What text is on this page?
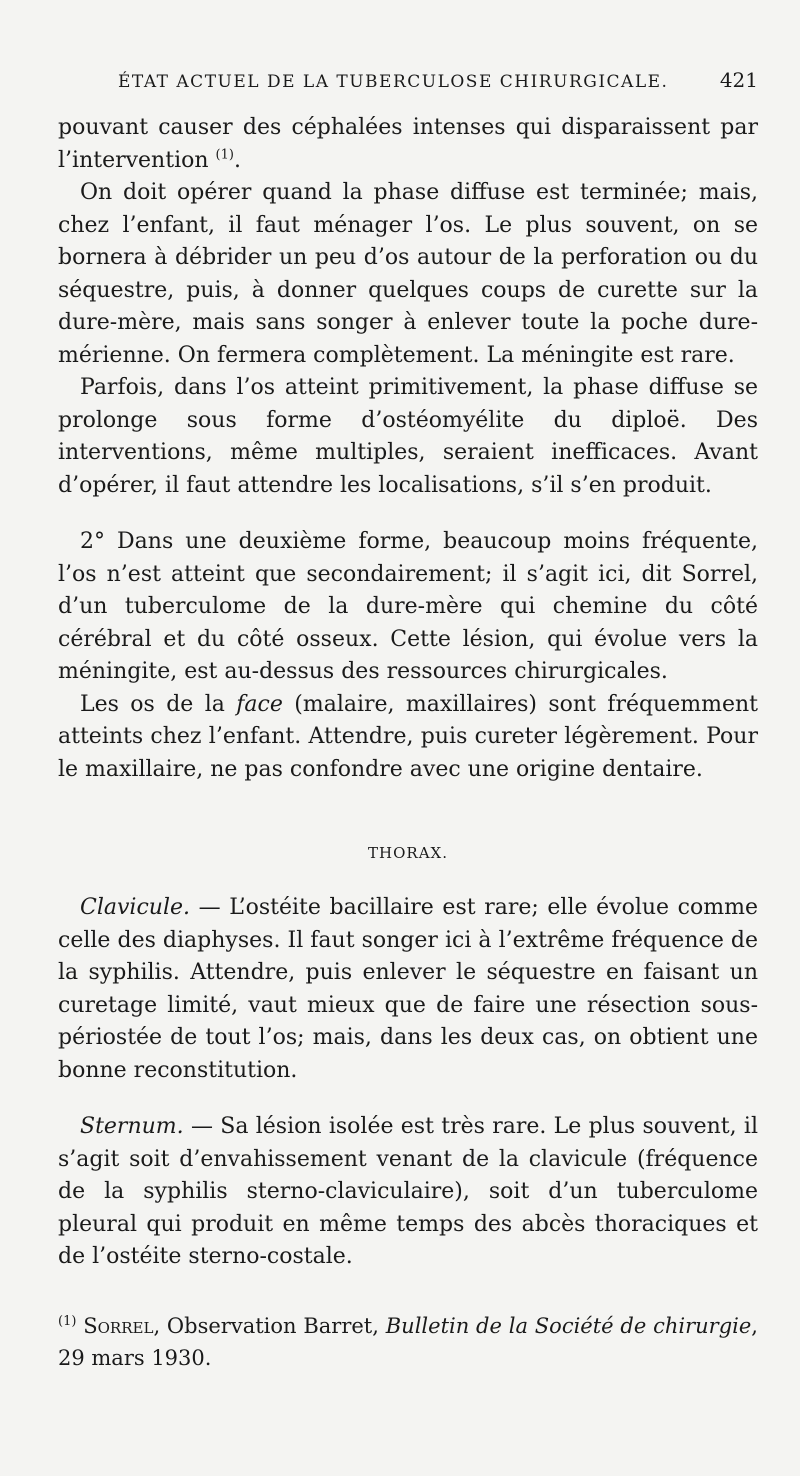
ÉTAT ACTUEL DE LA TUBERCULOSE CHIRURGICALE.	421

pouvant causer des céphalées intenses qui disparaissent par l’intervention $^{(1)}$.

On doit opérer quand la phase diffuse est terminée; mais, chez l’enfant, il faut ménager l’os. Le plus souvent, on se bornera à débrider un peu d’os autour de la perforation ou du séquestre, puis, à donner quelques coups de curette sur la dure-mère, mais sans songer à enlever toute la poche dure-mérienne. On fermera complètement. La méningite est rare.

Parfois, dans l’os atteint primitivement, la phase diffuse se prolonge sous forme d’ostéomyélite du diploë. Des interventions, même multiples, seraient inefficaces. Avant d’opérer, il faut attendre les localisations, s’il s’en produit.

2° Dans une deuxième forme, beaucoup moins fréquente, l’os n’est atteint que secondairement; il s’agit ici, dit Sorrel, d’un tuberculome de la dure-mère qui chemine du côté cérébral et du côté osseux. Cette lésion, qui évolue vers la méningite, est au-dessus des ressources chirurgicales.

Les os de la face (malaire, maxillaires) sont fréquemment atteints chez l’enfant. Attendre, puis cureter légèrement. Pour le maxillaire, ne pas confondre avec une origine dentaire.

THORAX.

Clavicule. — L’ostéite bacillaire est rare; elle évolue comme celle des diaphyses. Il faut songer ici à l’extrême fréquence de la syphilis. Attendre, puis enlever le séquestre en faisant un curetage limité, vaut mieux que de faire une résection sous-périostée de tout l’os; mais, dans les deux cas, on obtient une bonne reconstitution.

Sternum. — Sa lésion isolée est très rare. Le plus souvent, il s’agit soit d’envahissement venant de la clavicule (fréquence de la syphilis sterno-claviculaire), soit d’un tuberculome pleural qui produit en même temps des abcès thoraciques et de l’ostéite sterno-costale.

$^{(1)}$ Sorrel, Observation Barret, Bulletin de la Société de chirurgie, 29 mars 1930.
